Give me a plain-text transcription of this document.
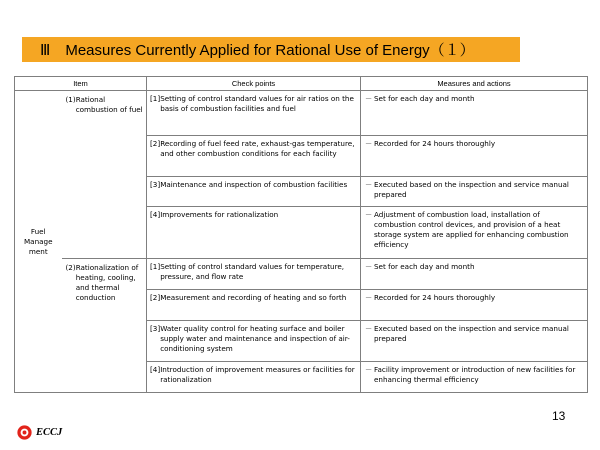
Ⅲ　Measures Currently Applied for Rational Use of Energy（１）
Item		Check points	Measures and actions
Fuel Manage ment	(1) Rational combustion of fuel	[1] Setting of control standard values for air ratios on the basis of combustion facilities and fuel	－ Set for each day and month

		[2] Recording of fuel feed rate, exhaust-gas temperature, and other combustion conditions for each facility	－ Recorded for 24 hours thoroughly

		[3] Maintenance and inspection of combustion facilities	－ Executed based on the inspection and service manual prepared

		[4] Improvements for rationalization	－ Adjustment of combustion load, installation of combustion control devices, and provision of a heat storage system are applied for enhancing combustion efficiency

	(2) Rationalization of heating, cooling, and thermal conduction	[1] Setting of control standard values for temperature, pressure, and flow rate	－ Set for each day and month

		[2] Measurement and recording of heating and so forth	－ Recorded for 24 hours thoroughly

		[3] Water quality control for heating surface and boiler supply water and maintenance and inspection of air-conditioning system	－ Executed based on the inspection and service manual prepared

		[4] Introduction of improvement measures or facilities for rationalization	－ Facility improvement or introduction of new facilities for enhancing thermal efficiency
13
ECCJ
